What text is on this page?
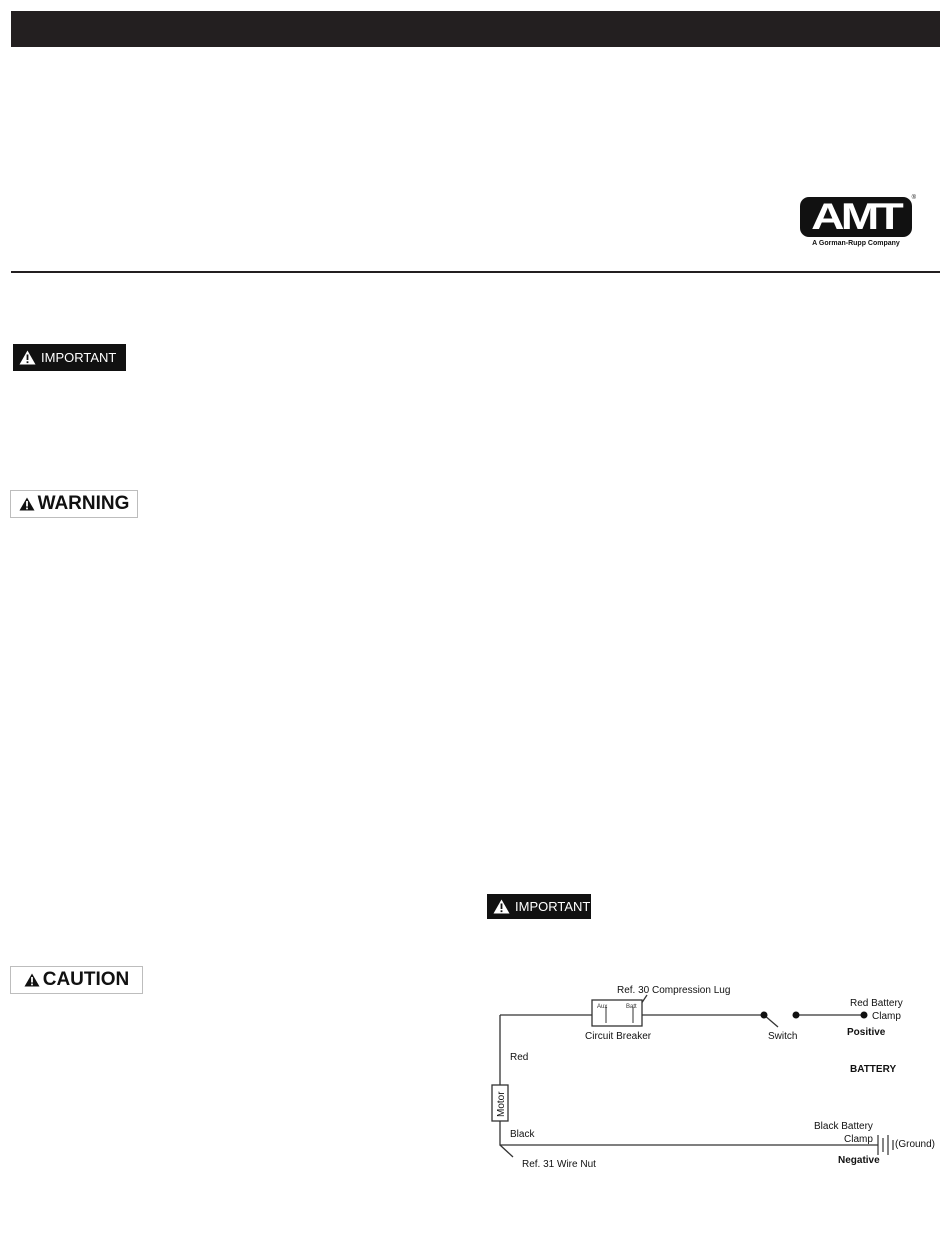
AMT ®
A Gorman-Rupp Company
IMPORTANT
WARNING
CAUTION
IMPORTANT
Aux	Batt
Motor
Ref. 30 Compression Lug
Circuit Breaker	Switch
Red Battery
Clamp
Positive
BATTERY
Red
Black
Black Battery
Clamp (Ground)
Negative
Ref. 31 Wire Nut
